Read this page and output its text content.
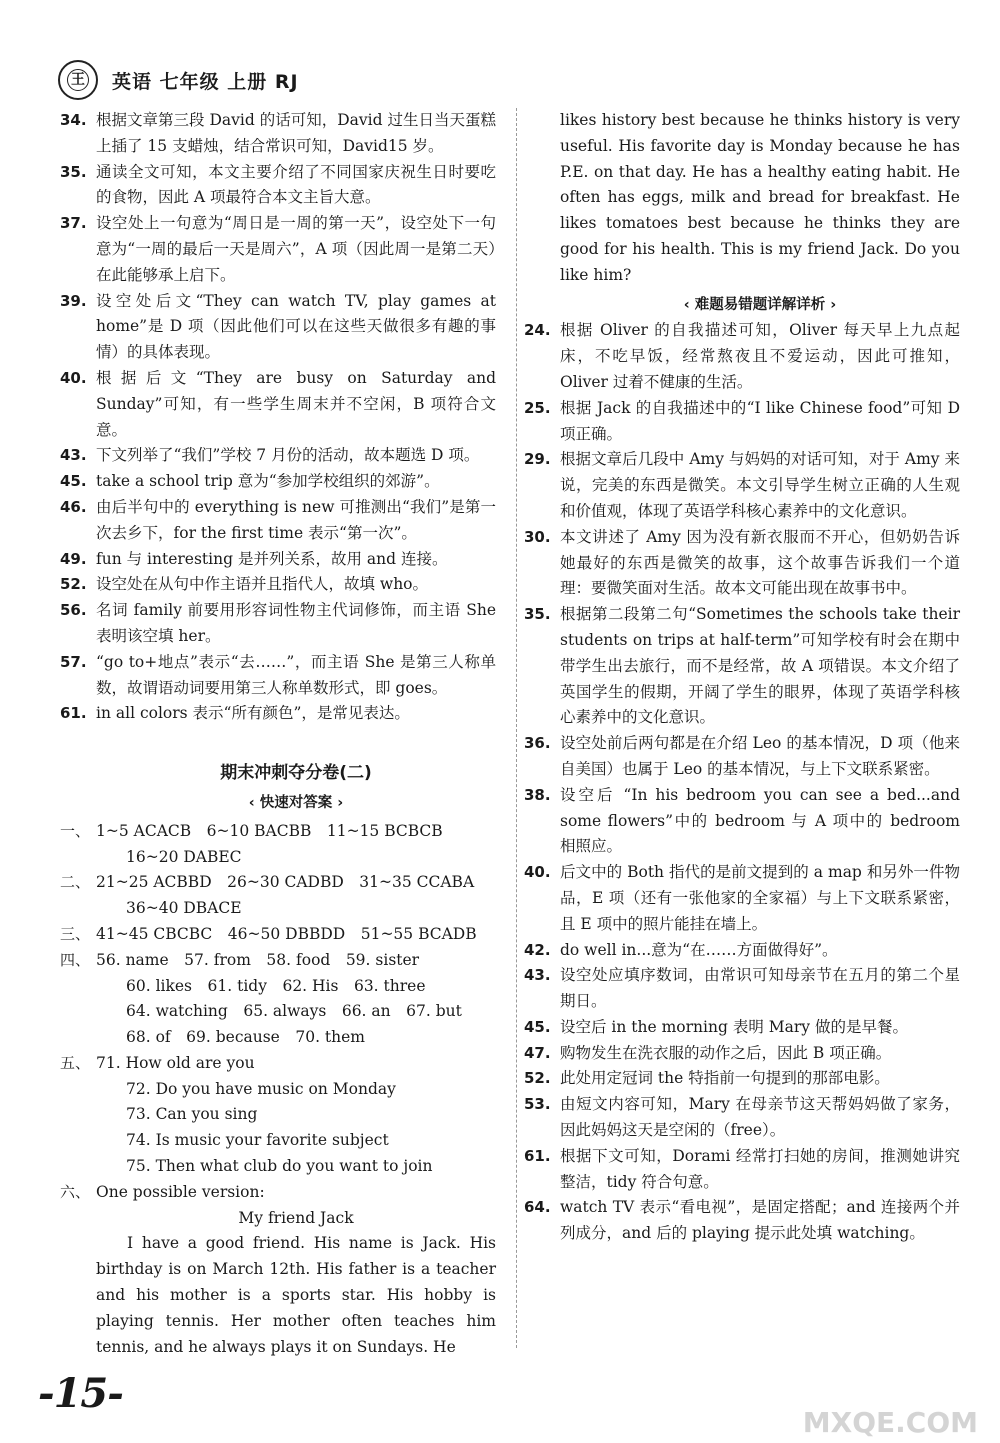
王	英语 七年级 上册 RJ

34. 根据文章第三段 David 的话可知，David 过生日当天蛋糕上插了 15 支蜡烛，结合常识可知，David15 岁。

35. 通读全文可知，本文主要介绍了不同国家庆祝生日时要吃的食物，因此 A 项最符合本文主旨大意。

37. 设空处上一句意为“周日是一周的第一天”，设空处下一句意为“一周的最后一天是周六”，A 项（因此周一是第二天）在此能够承上启下。

39. 设空处后文“They can watch TV, play games at home”是 D 项（因此他们可以在这些天做很多有趣的事情）的具体表现。

40. 根据后文“They are busy on Saturday and Sunday”可知，有一些学生周末并不空闲，B 项符合文意。

43. 下文列举了“我们”学校 7 月份的活动，故本题选 D 项。

45. take a school trip 意为“参加学校组织的郊游”。

46. 由后半句中的 everything is new 可推测出“我们”是第一次去乡下，for the first time 表示“第一次”。

49. fun 与 interesting 是并列关系，故用 and 连接。

52. 设空处在从句中作主语并且指代人，故填 who。

56. 名词 family 前要用形容词性物主代词修饰，而主语 She 表明该空填 her。

57. “go to+地点”表示“去……”，而主语 She 是第三人称单数，故谓语动词要用第三人称单数形式，即 goes。

61. in all colors 表示“所有颜色”，是常见表达。

期末冲刺夺分卷(二)
‹ 快速对答案 ›
一、 1~5 ACACB　6~10 BACBB　11~15 BCBCB
16~20 DABEC
二、 21~25 ACBBD　26~30 CADBD　31~35 CCABA
36~40 DBACE
三、 41~45 CBCBC　46~50 DBBDD　51~55 BCADB
四、 56. name　57. from　58. food　59. sister
60. likes　61. tidy　62. His　63. three
64. watching　65. always　66. an　67. but
68. of　69. because　70. them
五、 71. How old are you
72. Do you have music on Monday
73. Can you sing
74. Is music your favorite subject
75. Then what club do you want to join
六、 One possible version:

My friend Jack

I have a good friend. His name is Jack. His birthday is on March 12th. His father is a teacher and his mother is a sports star. His hobby is playing tennis. Her mother often teaches him tennis, and he always plays it on Sundays. He

likes history best because he thinks history is very useful. His favorite day is Monday because he has P.E. on that day. He has a healthy eating habit. He often has eggs, milk and bread for breakfast. He likes tomatoes best because he thinks they are good for his health. This is my friend Jack. Do you like him?

‹ 难题易错题详解详析 ›

24. 根据 Oliver 的自我描述可知，Oliver 每天早上九点起床，不吃早饭，经常熬夜且不爱运动，因此可推知，Oliver 过着不健康的生活。

25. 根据 Jack 的自我描述中的“I like Chinese food”可知 D 项正确。

29. 根据文章后几段中 Amy 与妈妈的对话可知，对于 Amy 来说，完美的东西是微笑。本文引导学生树立正确的人生观和价值观，体现了英语学科核心素养中的文化意识。

30. 本文讲述了 Amy 因为没有新衣服而不开心，但奶奶告诉她最好的东西是微笑的故事，这个故事告诉我们一个道理：要微笑面对生活。故本文可能出现在故事书中。

35. 根据第二段第二句“Sometimes the schools take their students on trips at half-term”可知学校有时会在期中带学生出去旅行，而不是经常，故 A 项错误。本文介绍了英国学生的假期，开阔了学生的眼界，体现了英语学科核心素养中的文化意识。

36. 设空处前后两句都是在介绍 Leo 的基本情况，D 项（他来自美国）也属于 Leo 的基本情况，与上下文联系紧密。

38. 设空后 “In his bedroom you can see a bed...and some flowers”中的 bedroom 与 A 项中的 bedroom 相照应。

40. 后文中的 Both 指代的是前文提到的 a map 和另外一件物品，E 项（还有一张他家的全家福）与上下文联系紧密，且 E 项中的照片能挂在墙上。

42. do well in...意为“在……方面做得好”。

43. 设空处应填序数词，由常识可知母亲节在五月的第二个星期日。

45. 设空后 in the morning 表明 Mary 做的是早餐。

47. 购物发生在洗衣服的动作之后，因此 B 项正确。

52. 此处用定冠词 the 特指前一句提到的那部电影。

53. 由短文内容可知，Mary 在母亲节这天帮妈妈做了家务，因此妈妈这天是空闲的（free）。

61. 根据下文可知，Dorami 经常打扫她的房间，推测她讲究整洁，tidy 符合句意。

64. watch TV 表示“看电视”，是固定搭配；and 连接两个并列成分，and 后的 playing 提示此处填 watching。

-15-
MXQE.COM
